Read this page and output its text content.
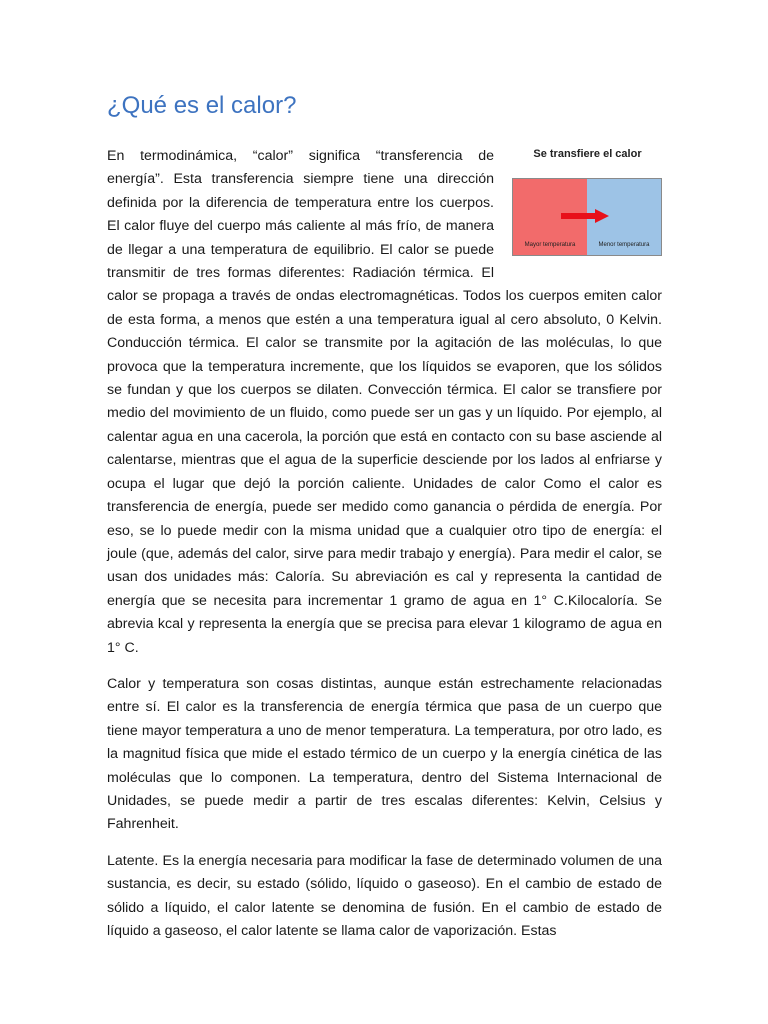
¿Qué es el calor?

Se transfiere el calor
Mayor temperatura	Menor temperatura
En termodinámica, “calor” significa “transferencia de energía”. Esta transferencia siempre tiene una dirección definida por la diferencia de temperatura entre los cuerpos. El calor fluye del cuerpo más caliente al más frío, de manera de llegar a una temperatura de equilibrio. El calor se puede transmitir de tres formas diferentes: Radiación térmica. El calor se propaga a través de ondas electromagnéticas. Todos los cuerpos emiten calor de esta forma, a menos que estén a una temperatura igual al cero absoluto, 0 Kelvin. Conducción térmica. El calor se transmite por la agitación de las moléculas, lo que provoca que la temperatura incremente, que los líquidos se evaporen, que los sólidos se fundan y que los cuerpos se dilaten. Convección térmica. El calor se transfiere por medio del movimiento de un fluido, como puede ser un gas y un líquido. Por ejemplo, al calentar agua en una cacerola, la porción que está en contacto con su base asciende al calentarse, mientras que el agua de la superficie desciende por los lados al enfriarse y ocupa el lugar que dejó la porción caliente. Unidades de calor Como el calor es transferencia de energía, puede ser medido como ganancia o pérdida de energía. Por eso, se lo puede medir con la misma unidad que a cualquier otro tipo de energía: el joule (que, además del calor, sirve para medir trabajo y energía). Para medir el calor, se usan dos unidades más: Caloría. Su abreviación es cal y representa la cantidad de energía que se necesita para incrementar 1 gramo de agua en 1° C.Kilocaloría. Se abrevia kcal y representa la energía que se precisa para elevar 1 kilogramo de agua en 1° C.

Calor y temperatura son cosas distintas, aunque están estrechamente relacionadas entre sí. El calor es la transferencia de energía térmica que pasa de un cuerpo que tiene mayor temperatura a uno de menor temperatura. La temperatura, por otro lado, es la magnitud física que mide el estado térmico de un cuerpo y la energía cinética de las moléculas que lo componen. La temperatura, dentro del Sistema Internacional de Unidades, se puede medir a partir de tres escalas diferentes: Kelvin, Celsius y Fahrenheit.

Latente. Es la energía necesaria para modificar la fase de determinado volumen de una sustancia, es decir, su estado (sólido, líquido o gaseoso). En el cambio de estado de sólido a líquido, el calor latente se denomina de fusión. En el cambio de estado de líquido a gaseoso, el calor latente se llama calor de vaporización. Estas
